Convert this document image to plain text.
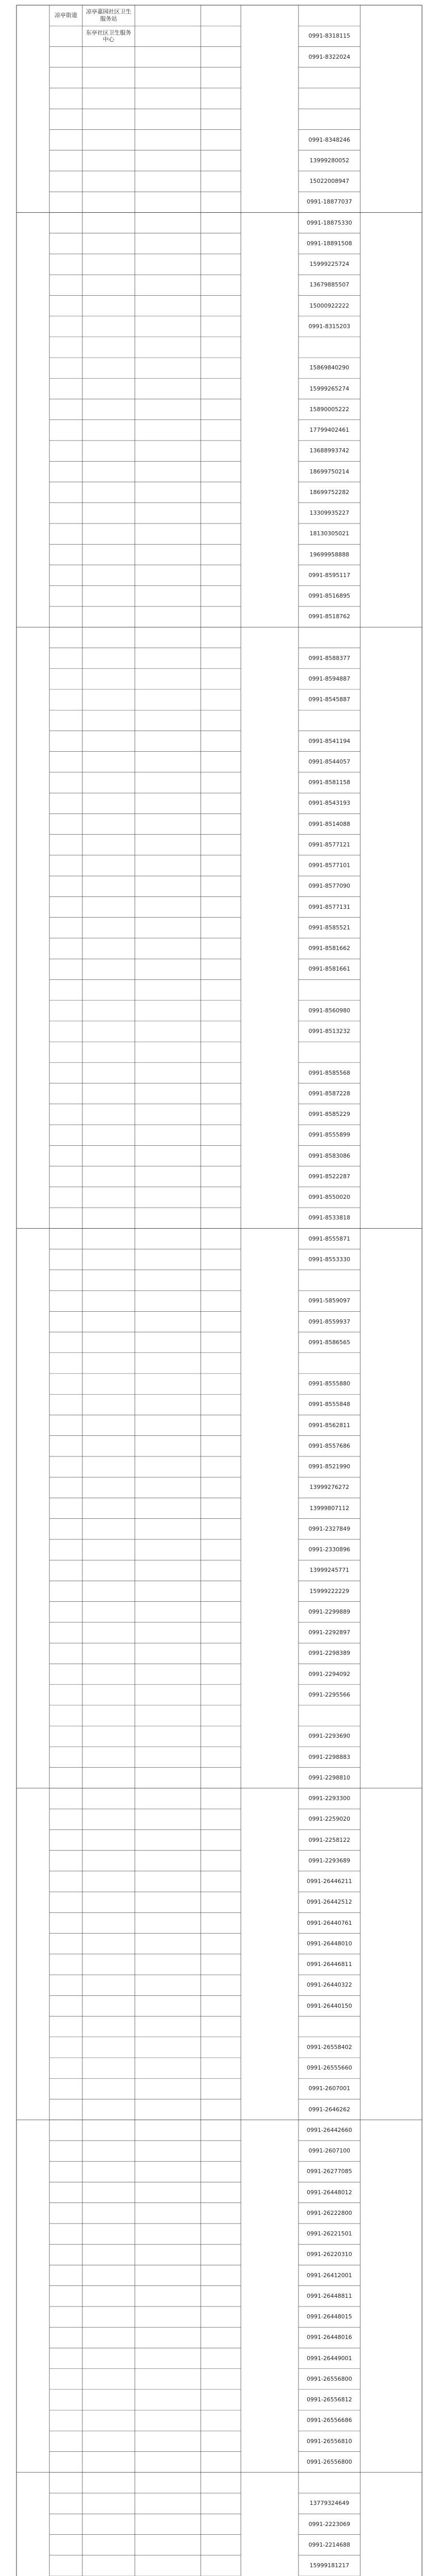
凉亭街道
凉亭嘉园社区卫生服务站
东亭社区卫生服务中心
0991-8318115
0991-8322024
0991-8348246
13999280052
15022008947
0991-18877037
0991-18875330
0991-18891508
15999225724
13679885507
15000922222
0991-8315203
15869840290
15999265274
15890005222
17799402461
13688993742
18699750214
18699752282
13309935227
18130305021
19699958888
0991-8595117
0991-8516895
0991-8518762
0991-8588377
0991-8594887
0991-8545887
0991-8541194
0991-8544057
0991-8581158
0991-8543193
0991-8514088
0991-8577121
0991-8577101
0991-8577090
0991-8577131
0991-8585521
0991-8581662
0991-8581661
0991-8560980
0991-8513232
0991-8585568
0991-8587228
0991-8585229
0991-8555899
0991-8583086
0991-8522287
0991-8550020
0991-8533818
0991-8555871
0991-8553330
0991-5859097
0991-8559937
0991-8586565
0991-8555880
0991-8555848
0991-8562811
0991-8557686
0991-8521990
13999276272
13999807112
0991-2327849
0991-2330896
13999245771
15999222229
0991-2299889
0991-2292897
0991-2298389
0991-2294092
0991-2295566
0991-2293690
0991-2298883
0991-2298810
0991-2293300
0991-2259020
0991-2258122
0991-2293689
0991-26446211
0991-26442512
0991-26440761
0991-26448010
0991-26446811
0991-26440322
0991-26440150
0991-26558402
0991-26555660
0991-2607001
0991-2646262
0991-26442660
0991-2607100
0991-26277085
0991-26448012
0991-26222800
0991-26221501
0991-26220310
0991-26412001
0991-26448811
0991-26448015
0991-26448016
0991-26449001
0991-26556800
0991-26556812
0991-26556686
0991-26556810
0991-26556800
13779324649
0991-2223069
0991-2214688
15999181217
